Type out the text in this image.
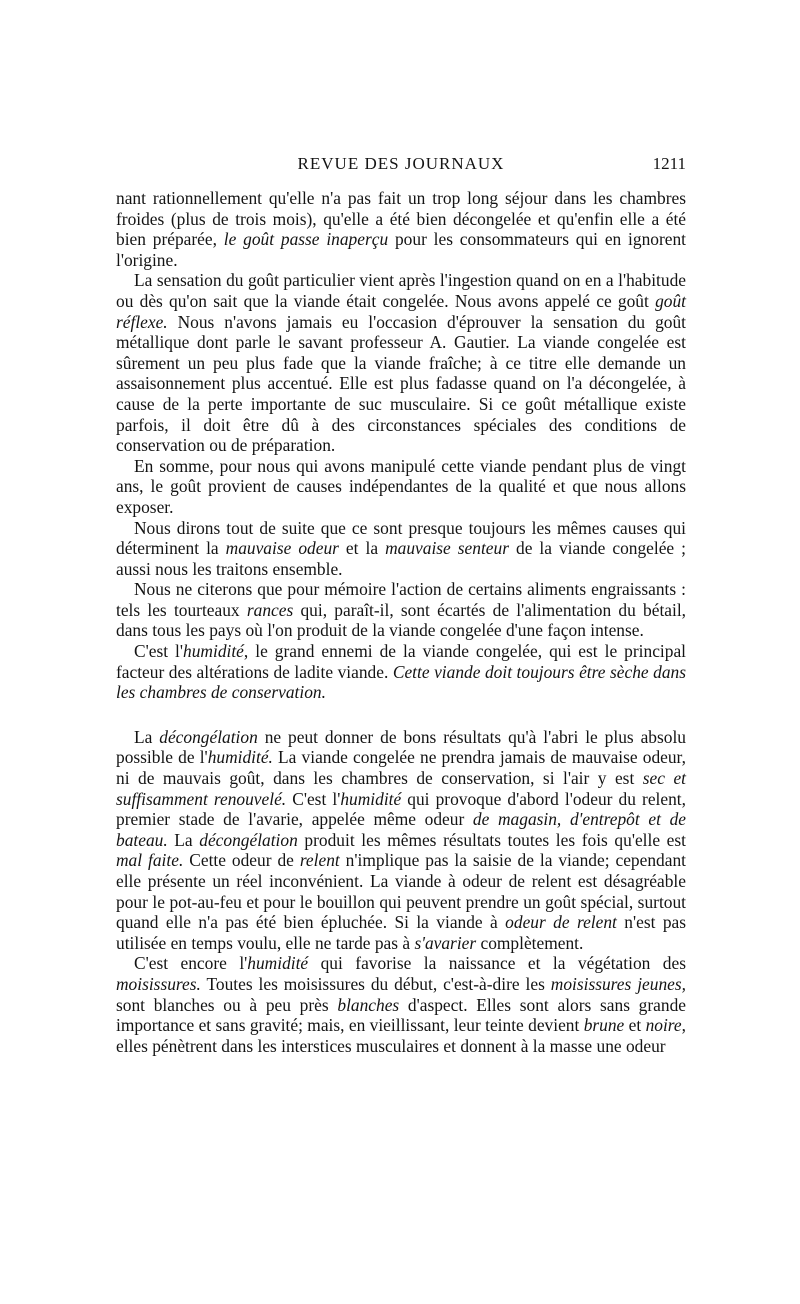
REVUE DES JOURNAUX	1211

nant rationnellement qu'elle n'a pas fait un trop long séjour dans les chambres froides (plus de trois mois), qu'elle a été bien décongelée et qu'enfin elle a été bien préparée, le goût passe inaperçu pour les consommateurs qui en ignorent l'origine.

La sensation du goût particulier vient après l'ingestion quand on en a l'habitude ou dès qu'on sait que la viande était congelée. Nous avons appelé ce goût goût réflexe. Nous n'avons jamais eu l'occasion d'éprouver la sensation du goût métallique dont parle le savant professeur A. Gautier. La viande congelée est sûrement un peu plus fade que la viande fraîche; à ce titre elle demande un assaisonnement plus accentué. Elle est plus fadasse quand on l'a décongelée, à cause de la perte importante de suc musculaire. Si ce goût métallique existe parfois, il doit être dû à des circonstances spéciales des conditions de conservation ou de préparation.

En somme, pour nous qui avons manipulé cette viande pendant plus de vingt ans, le goût provient de causes indépendantes de la qualité et que nous allons exposer.

Nous dirons tout de suite que ce sont presque toujours les mêmes causes qui déterminent la mauvaise odeur et la mauvaise senteur de la viande congelée ; aussi nous les traitons ensemble.

Nous ne citerons que pour mémoire l'action de certains aliments engraissants : tels les tourteaux rances qui, paraît-il, sont écartés de l'alimentation du bétail, dans tous les pays où l'on produit de la viande congelée d'une façon intense.

C'est l'humidité, le grand ennemi de la viande congelée, qui est le principal facteur des altérations de ladite viande. Cette viande doit toujours être sèche dans les chambres de conservation.

La décongélation ne peut donner de bons résultats qu'à l'abri le plus absolu possible de l'humidité. La viande congelée ne prendra jamais de mauvaise odeur, ni de mauvais goût, dans les chambres de conservation, si l'air y est sec et suffisamment renouvelé. C'est l'humidité qui provoque d'abord l'odeur du relent, premier stade de l'avarie, appelée même odeur de magasin, d'entrepôt et de bateau. La décongélation produit les mêmes résultats toutes les fois qu'elle est mal faite. Cette odeur de relent n'implique pas la saisie de la viande; cependant elle présente un réel inconvénient. La viande à odeur de relent est désagréable pour le pot-au-feu et pour le bouillon qui peuvent prendre un goût spécial, surtout quand elle n'a pas été bien épluchée. Si la viande à odeur de relent n'est pas utilisée en temps voulu, elle ne tarde pas à s'avarier complètement.

C'est encore l'humidité qui favorise la naissance et la végétation des moisissures. Toutes les moisissures du début, c'est-à-dire les moisissures jeunes, sont blanches ou à peu près blanches d'aspect. Elles sont alors sans grande importance et sans gravité; mais, en vieillissant, leur teinte devient brune et noire, elles pénètrent dans les interstices musculaires et donnent à la masse une odeur
